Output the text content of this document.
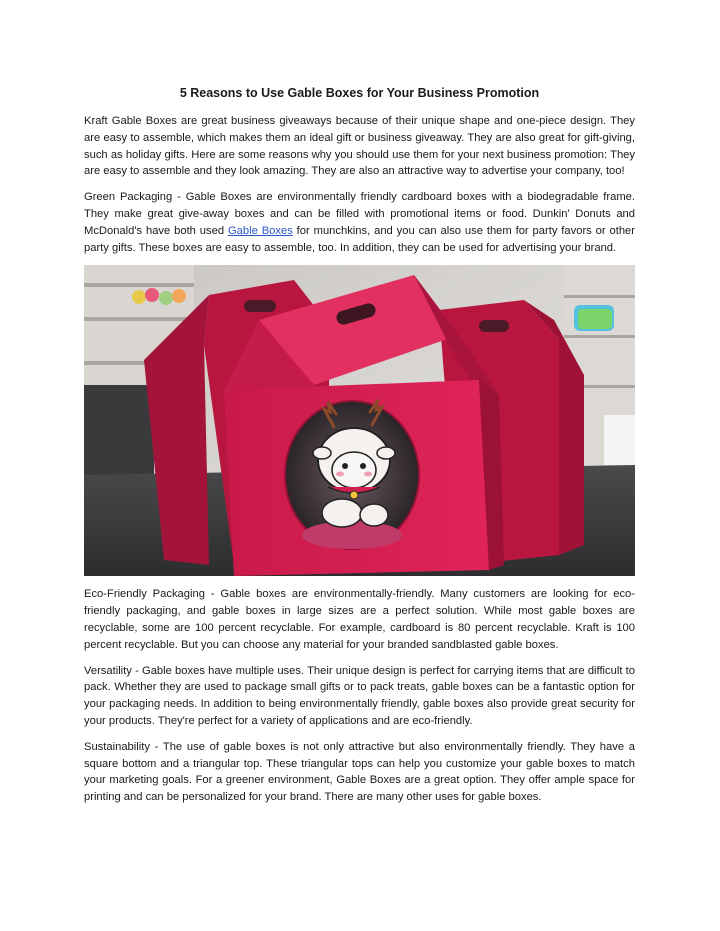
5 Reasons to Use Gable Boxes for Your Business Promotion

Kraft Gable Boxes are great business giveaways because of their unique shape and one-piece design. They are easy to assemble, which makes them an ideal gift or business giveaway. They are also great for gift-giving, such as holiday gifts. Here are some reasons why you should use them for your next business promotion: They are easy to assemble and they look amazing. They are also an attractive way to advertise your company, too!

Green Packaging - Gable Boxes are environmentally friendly cardboard boxes with a biodegradable frame. They make great give-away boxes and can be filled with promotional items or food. Dunkin' Donuts and McDonald's have both used Gable Boxes for munchkins, and you can also use them for party favors or other party gifts. These boxes are easy to assemble, too. In addition, they can be used for advertising your brand.

Eco-Friendly Packaging - Gable boxes are environmentally-friendly. Many customers are looking for eco-friendly packaging, and gable boxes in large sizes are a perfect solution. While most gable boxes are recyclable, some are 100 percent recyclable. For example, cardboard is 80 percent recyclable. Kraft is 100 percent recyclable. But you can choose any material for your branded sandblasted gable boxes.

Versatility - Gable boxes have multiple uses. Their unique design is perfect for carrying items that are difficult to pack. Whether they are used to package small gifts or to pack treats, gable boxes can be a fantastic option for your packaging needs. In addition to being environmentally friendly, gable boxes also provide great security for your products. They're perfect for a variety of applications and are eco-friendly.

Sustainability - The use of gable boxes is not only attractive but also environmentally friendly. They have a square bottom and a triangular top. These triangular tops can help you customize your gable boxes to match your marketing goals. For a greener environment, Gable Boxes are a great option. They offer ample space for printing and can be personalized for your brand. There are many other uses for gable boxes.
